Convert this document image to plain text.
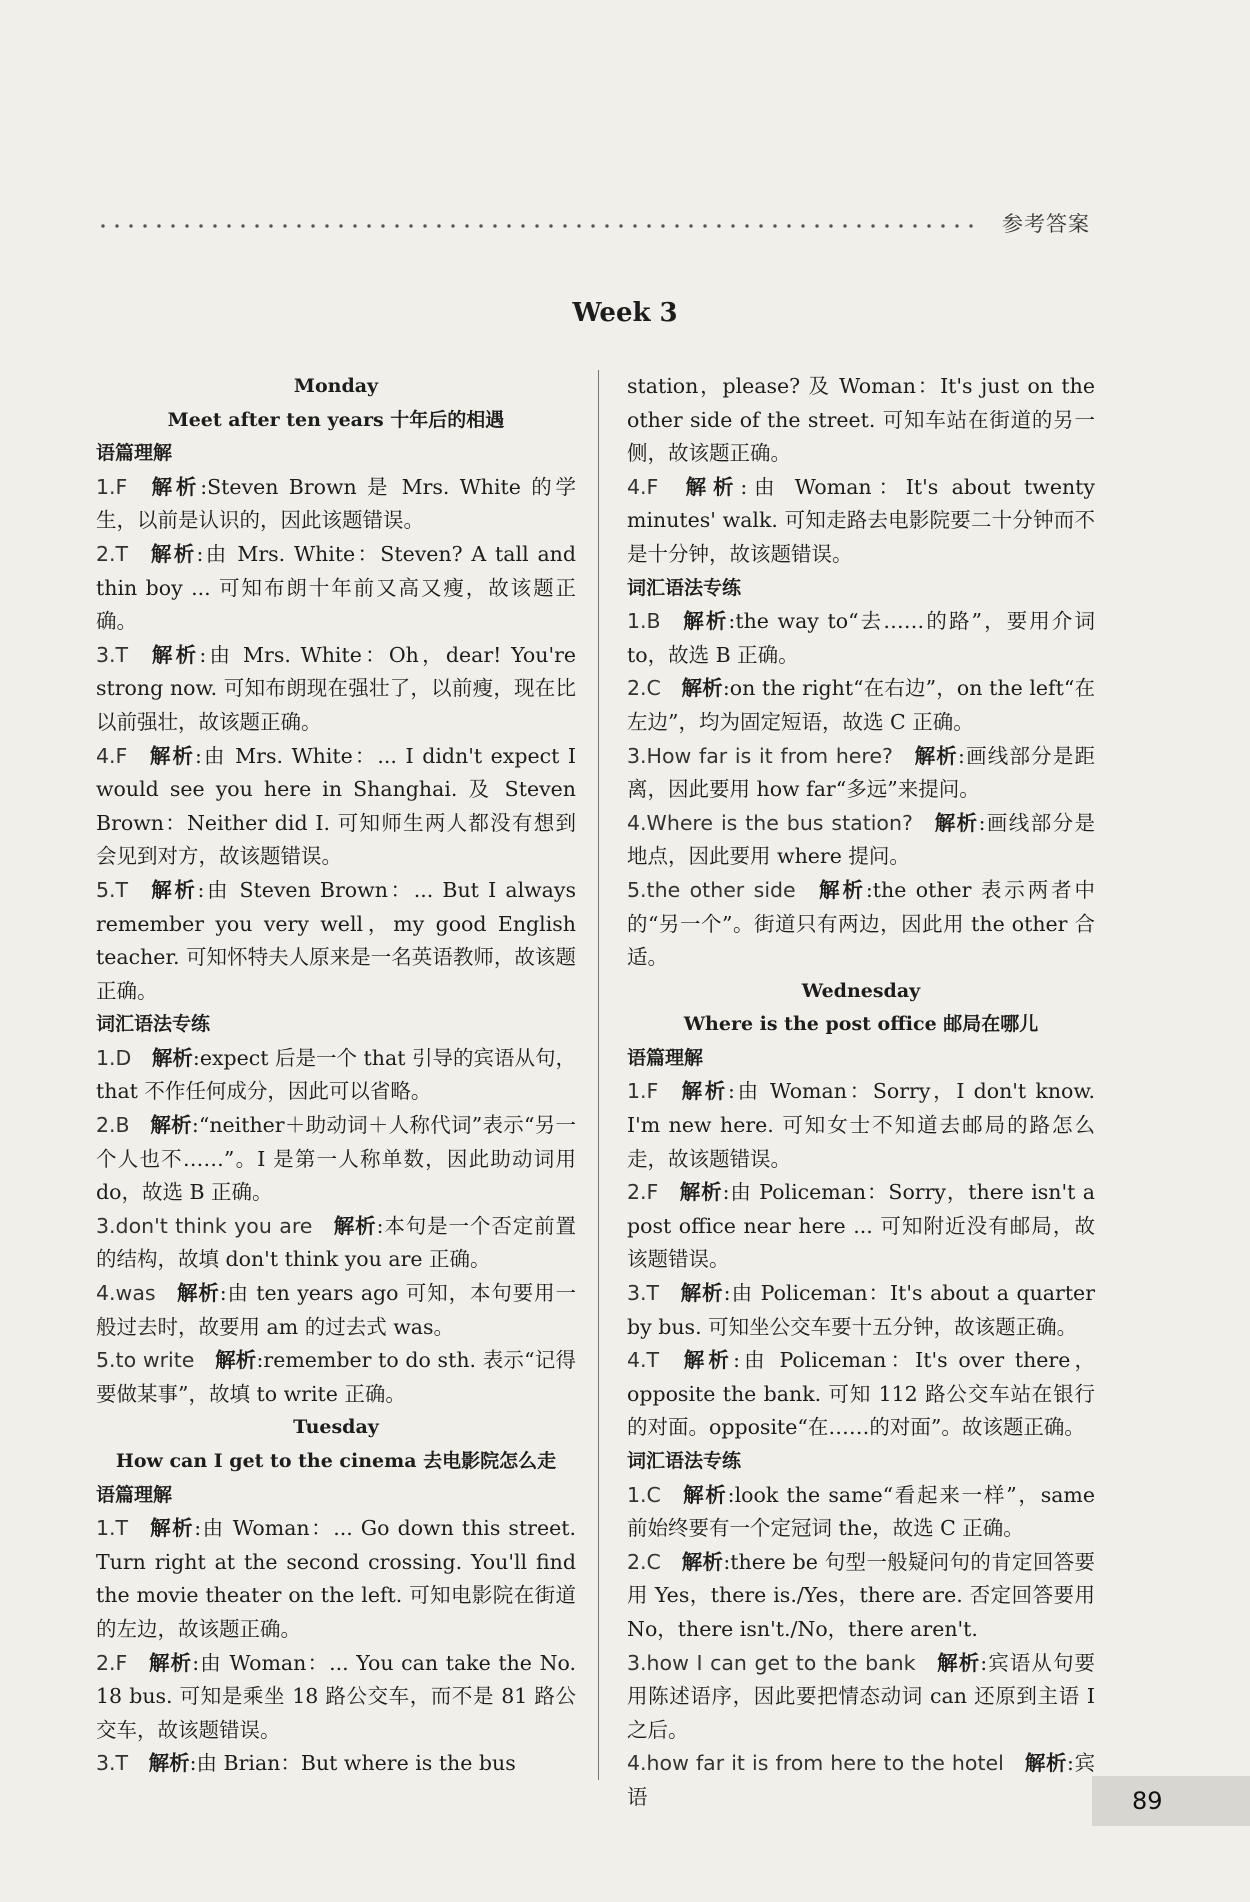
参考答案
Week 3
Monday
Meet after ten years 十年后的相遇
语篇理解
1.F  解析:Steven Brown 是 Mrs. White 的学生，以前是认识的，因此该题错误。
2.T  解析:由 Mrs. White：Steven? A tall and thin boy ... 可知布朗十年前又高又瘦，故该题正确。
3.T  解析:由 Mrs. White：Oh，dear! You're strong now. 可知布朗现在强壮了，以前瘦，现在比以前强壮，故该题正确。
4.F  解析:由 Mrs. White：... I didn't expect I would see you here in Shanghai. 及 Steven Brown：Neither did I. 可知师生两人都没有想到会见到对方，故该题错误。
5.T  解析:由 Steven Brown：... But I always remember you very well，my good English teacher. 可知怀特夫人原来是一名英语教师，故该题正确。
词汇语法专练
1.D  解析:expect 后是一个 that 引导的宾语从句，that 不作任何成分，因此可以省略。
2.B  解析:“neither＋助动词＋人称代词”表示“另一个人也不……”。I 是第一人称单数，因此助动词用 do，故选 B 正确。
3.don't think you are  解析:本句是一个否定前置的结构，故填 don't think you are 正确。
4.was  解析:由 ten years ago 可知，本句要用一般过去时，故要用 am 的过去式 was。
5.to write  解析:remember to do sth. 表示“记得要做某事”，故填 to write 正确。
Tuesday
How can I get to the cinema 去电影院怎么走
语篇理解
1.T  解析:由 Woman：... Go down this street. Turn right at the second crossing. You'll find the movie theater on the left. 可知电影院在街道的左边，故该题正确。
2.F  解析:由 Woman：... You can take the No. 18 bus. 可知是乘坐 18 路公交车，而不是 81 路公交车，故该题错误。
3.T  解析:由 Brian：But where is the bus
station，please? 及 Woman：It's just on the other side of the street. 可知车站在街道的另一侧，故该题正确。
4.F  解析:由 Woman：It's about twenty minutes' walk. 可知走路去电影院要二十分钟而不是十分钟，故该题错误。
词汇语法专练
1.B  解析:the way to“去……的路”，要用介词 to，故选 B 正确。
2.C  解析:on the right“在右边”，on the left“在左边”，均为固定短语，故选 C 正确。
3.How far is it from here?  解析:画线部分是距离，因此要用 how far“多远”来提问。
4.Where is the bus station?  解析:画线部分是地点，因此要用 where 提问。
5.the other side  解析:the other 表示两者中的“另一个”。街道只有两边，因此用 the other 合适。
Wednesday
Where is the post office 邮局在哪儿
语篇理解
1.F  解析:由 Woman：Sorry，I don't know. I'm new here. 可知女士不知道去邮局的路怎么走，故该题错误。
2.F  解析:由 Policeman：Sorry，there isn't a post office near here ... 可知附近没有邮局，故该题错误。
3.T  解析:由 Policeman：It's about a quarter by bus. 可知坐公交车要十五分钟，故该题正确。
4.T  解析:由 Policeman：It's over there，opposite the bank. 可知 112 路公交车站在银行的对面。opposite“在……的对面”。故该题正确。
词汇语法专练
1.C  解析:look the same“看起来一样”，same 前始终要有一个定冠词 the，故选 C 正确。
2.C  解析:there be 句型一般疑问句的肯定回答要用 Yes，there is./Yes，there are. 否定回答要用 No，there isn't./No，there aren't.
3.how I can get to the bank  解析:宾语从句要用陈述语序，因此要把情态动词 can 还原到主语 I 之后。
4.how far it is from here to the hotel  解析:宾语	89
